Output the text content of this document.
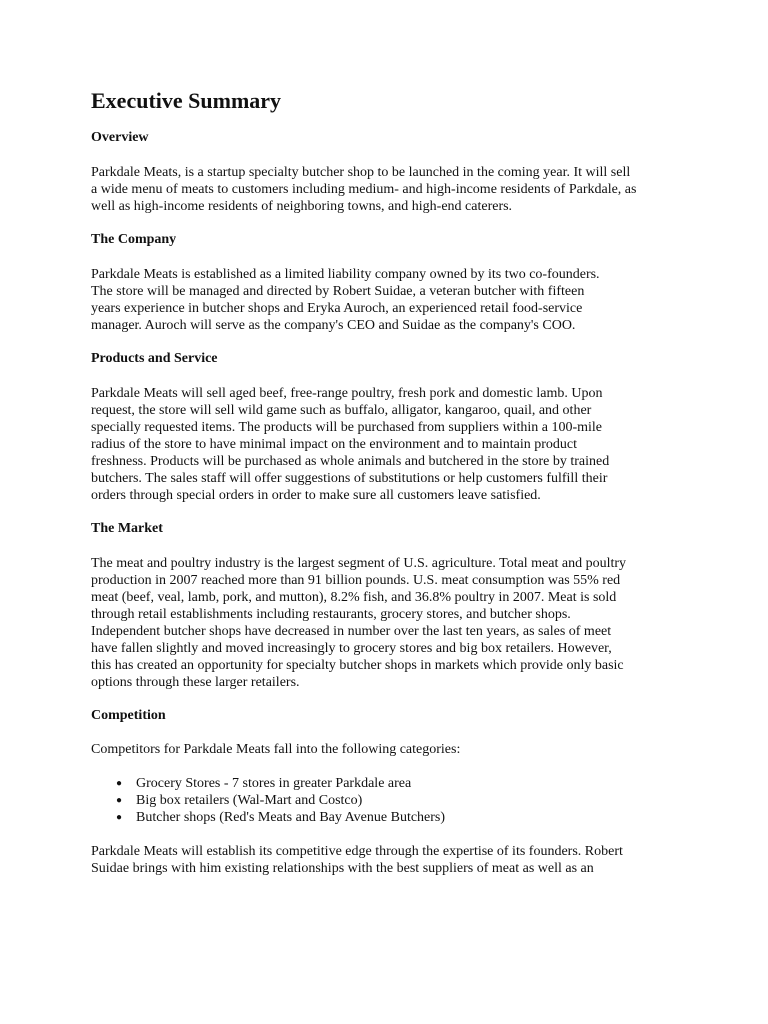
Executive Summary
Overview

Parkdale Meats, is a startup specialty butcher shop to be launched in the coming year. It will sell
a wide menu of meats to customers including medium- and high-income residents of Parkdale, as
well as high-income residents of neighboring towns, and high-end caterers.

The Company

Parkdale Meats is established as a limited liability company owned by its two co-founders.
The store will be managed and directed by Robert Suidae, a veteran butcher with fifteen
years experience in butcher shops and Eryka Auroch, an experienced retail food-service
manager. Auroch will serve as the company's CEO and Suidae as the company's COO.

Products and Service

Parkdale Meats will sell aged beef, free-range poultry, fresh pork and domestic lamb. Upon
request, the store will sell wild game such as buffalo, alligator, kangaroo, quail, and other
specially requested items. The products will be purchased from suppliers within a 100-mile
radius of the store to have minimal impact on the environment and to maintain product
freshness. Products will be purchased as whole animals and butchered in the store by trained
butchers. The sales staff will offer suggestions of substitutions or help customers fulfill their
orders through special orders in order to make sure all customers leave satisfied.

The Market

The meat and poultry industry is the largest segment of U.S. agriculture. Total meat and poultry
production in 2007 reached more than 91 billion pounds. U.S. meat consumption was 55% red
meat (beef, veal, lamb, pork, and mutton), 8.2% fish, and 36.8% poultry in 2007. Meat is sold
through retail establishments including restaurants, grocery stores, and butcher shops.
Independent butcher shops have decreased in number over the last ten years, as sales of meet
have fallen slightly and moved increasingly to grocery stores and big box retailers. However,
this has created an opportunity for specialty butcher shops in markets which provide only basic
options through these larger retailers.

Competition

Competitors for Parkdale Meats fall into the following categories:

● Grocery Stores - 7 stores in greater Parkdale area
● Big box retailers (Wal-Mart and Costco)
● Butcher shops (Red's Meats and Bay Avenue Butchers)

Parkdale Meats will establish its competitive edge through the expertise of its founders. Robert
Suidae brings with him existing relationships with the best suppliers of meat as well as an
